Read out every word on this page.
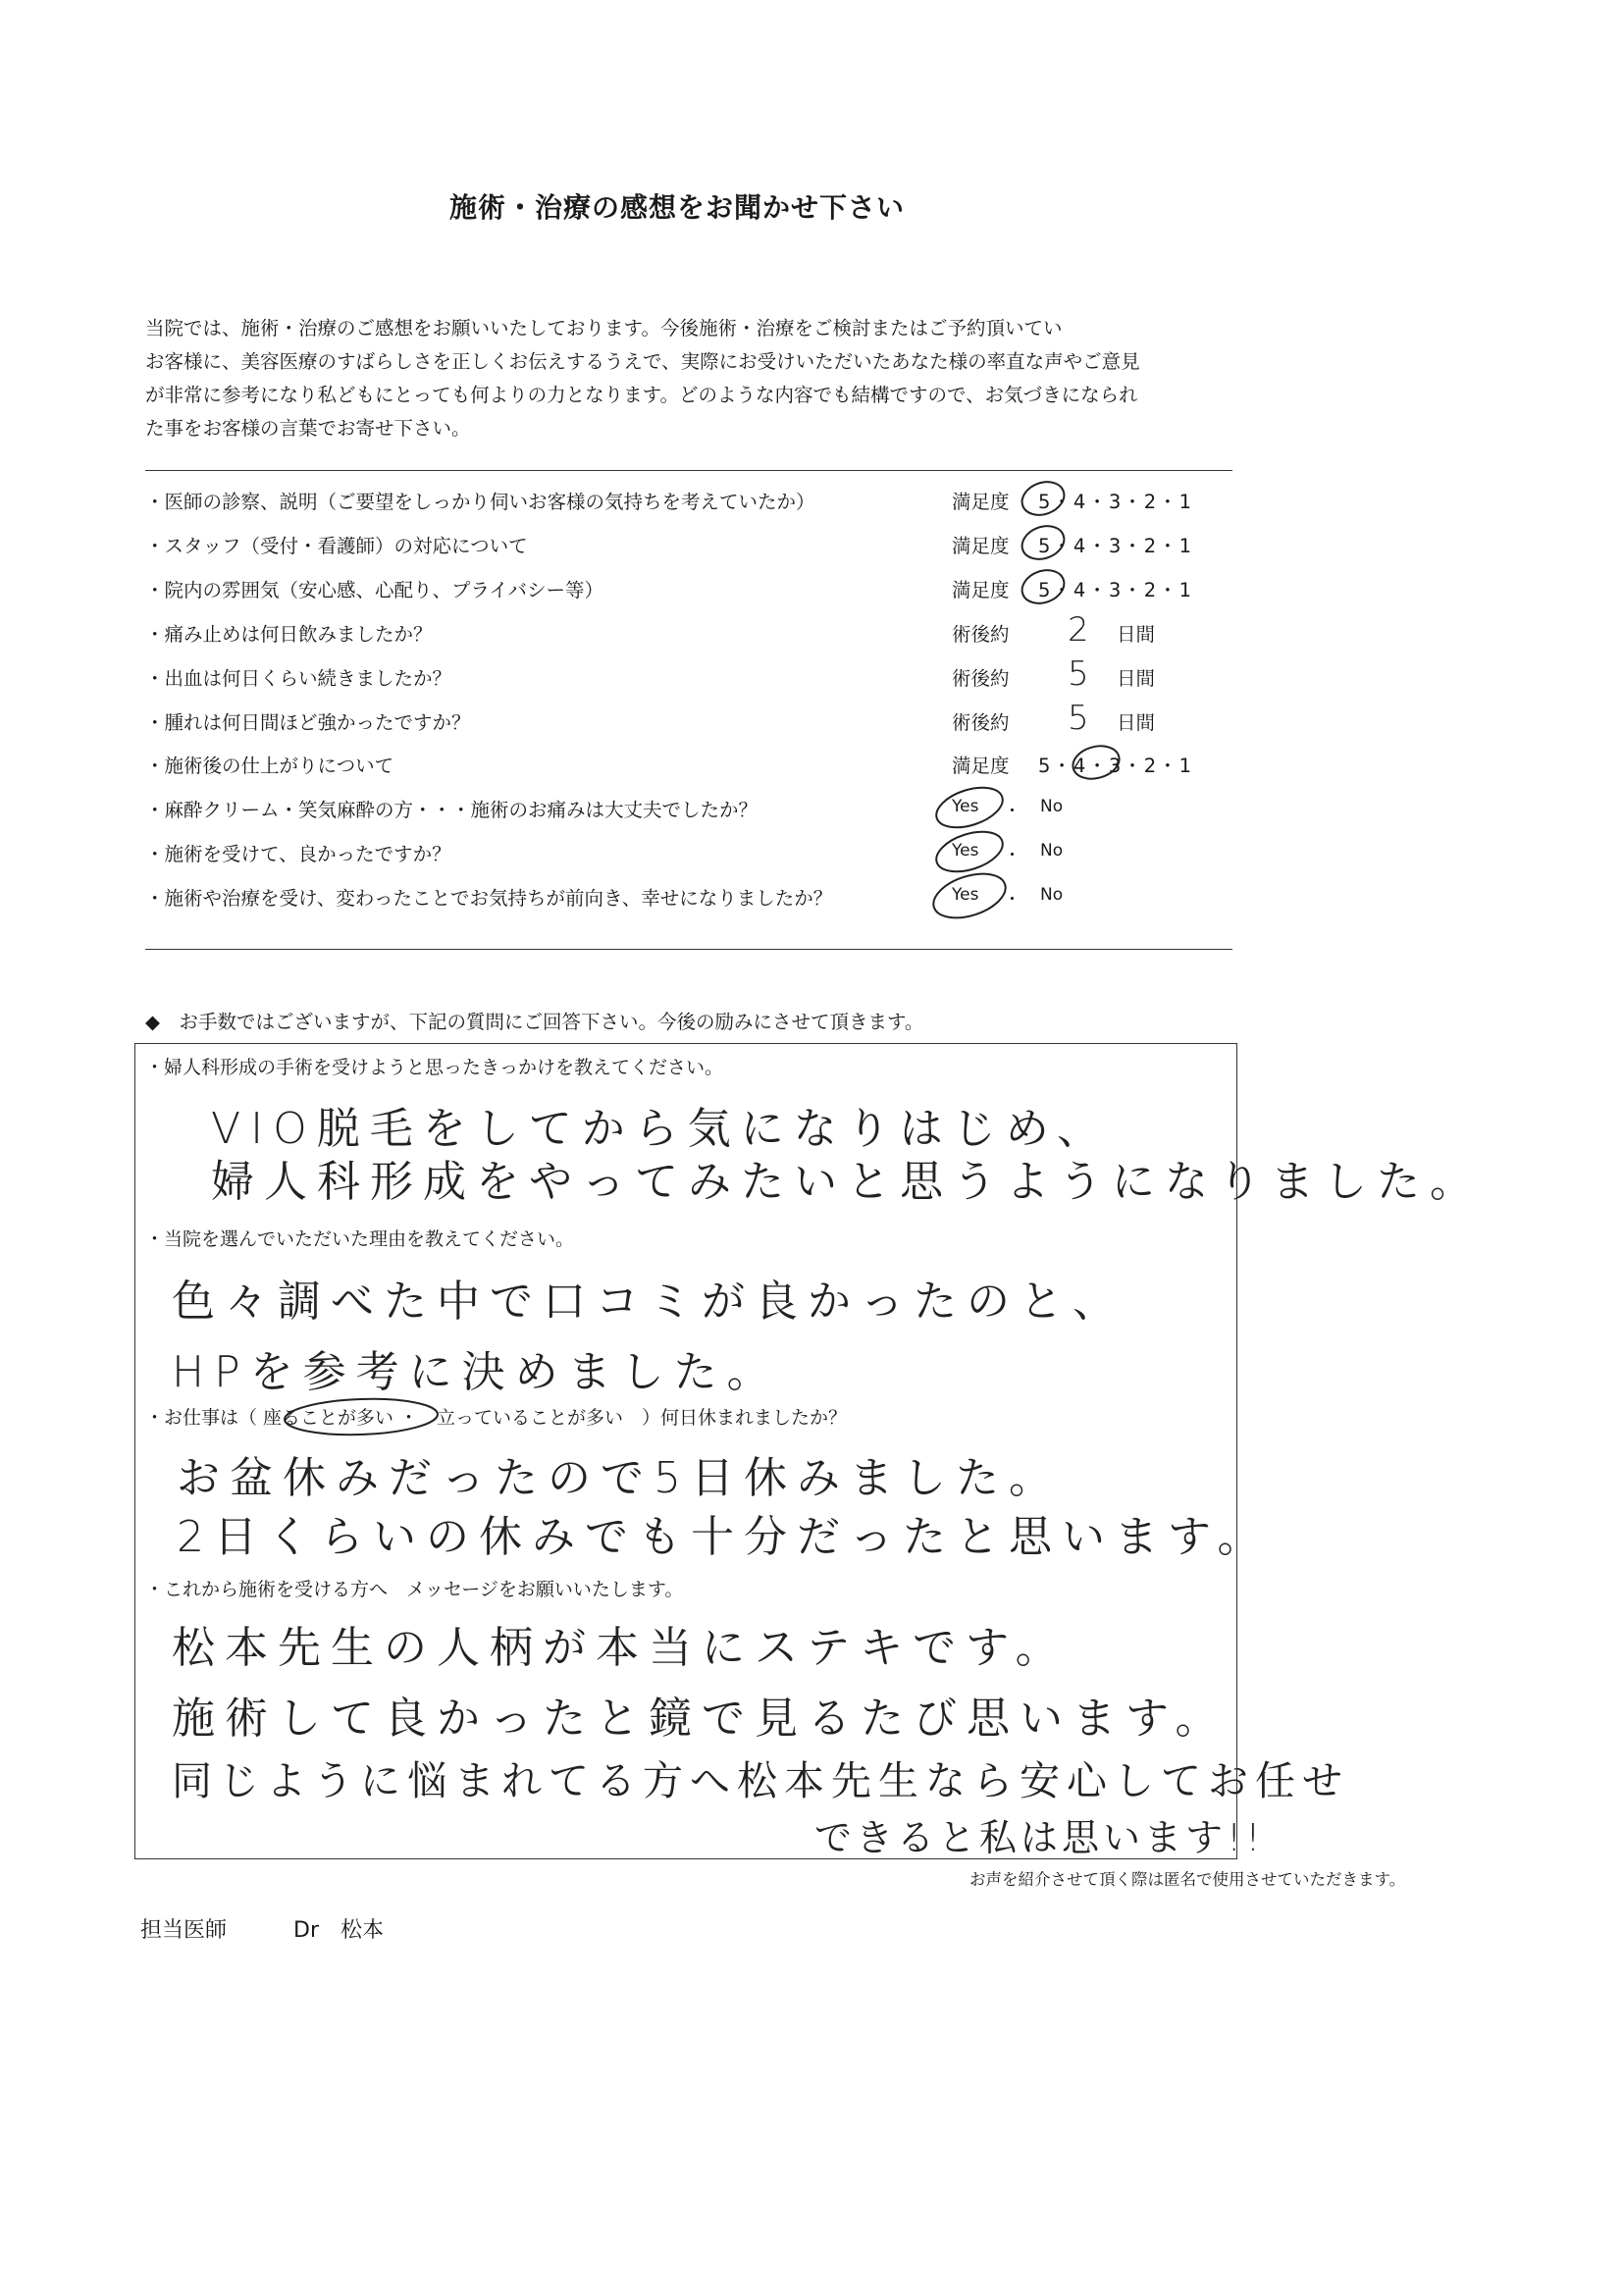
施術・治療の感想をお聞かせ下さい
当院では、施術・治療のご感想をお願いいたしております。今後施術・治療をご検討またはご予約頂いてい
お客様に、美容医療のすばらしさを正しくお伝えするうえで、実際にお受けいただいたあなた様の率直な声やご意見
が非常に参考になり私どもにとっても何よりの力となります。どのような内容でも結構ですので、お気づきになられ
た事をお客様の言葉でお寄せ下さい。
・医師の診察、説明（ご要望をしっかり伺いお客様の気持ちを考えていたか）	満足度 5・4・3・2・1
・スタッフ（受付・看護師）の対応について	満足度 5・4・3・2・1
・院内の雰囲気（安心感、心配り、プライバシー等）	満足度 5・4・3・2・1
・痛み止めは何日飲みましたか？	術後約 2 日間
・出血は何日くらい続きましたか？	術後約 5 日間
・腫れは何日間ほど強かったですか？	術後約 5 日間
・施術後の仕上がりについて	満足度 5・4・3・2・1
・麻酔クリーム・笑気麻酔の方・・・施術のお痛みは大丈夫でしたか？	Yes ・ No
・施術を受けて、良かったですか？	Yes ・ No
・施術や治療を受け、変わったことでお気持ちが前向き、幸せになりましたか？	Yes ・ No
◆　お手数ではございますが、下記の質問にご回答下さい。今後の励みにさせて頂きます。
・婦人科形成の手術を受けようと思ったきっかけを教えてください。
VIO脱毛をしてから気になりはじめ、
婦人科形成をやってみたいと思うようになりました。
・当院を選んでいただいた理由を教えてください。
色々調べた中で口コミが良かったのと、
HPを参考に決めました。
・お仕事は（ 座ることが多い ・　立っていることが多い　）何日休まれましたか？
お盆休みだったので5日休みました。
2日くらいの休みでも十分だったと思います。
・これから施術を受ける方へ　メッセージをお願いいたします。
松本先生の人柄が本当にステキです。
施術して良かったと鏡で見るたび思います。
同じように悩まれてる方へ松本先生なら安心してお任せ
できると私は思います!!
お声を紹介させて頂く際は匿名で使用させていただきます。
担当医師	Dr　松本
